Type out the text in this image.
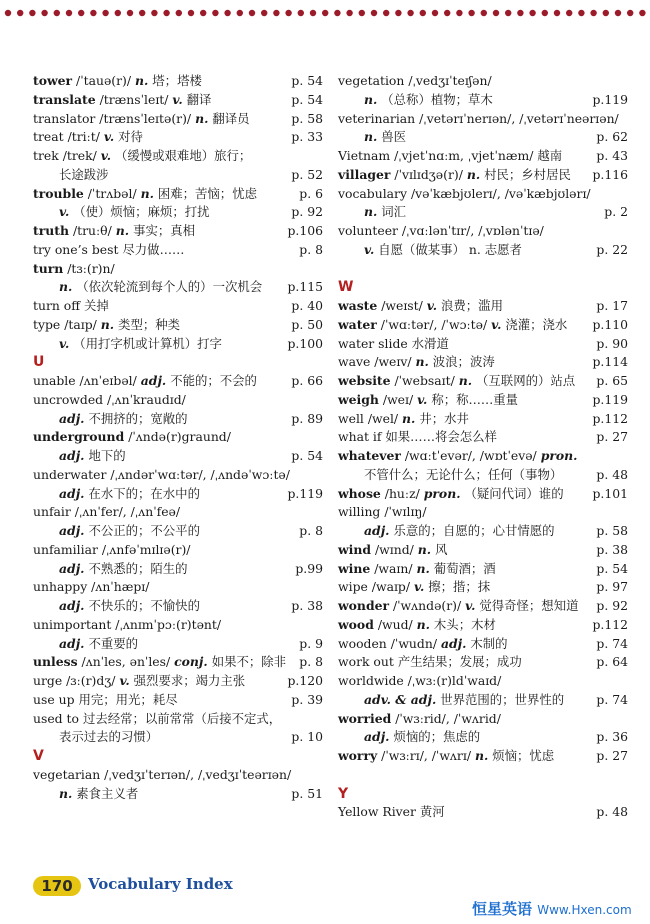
tower /ˈtauə(r)/ n. 塔；塔楼	p. 54
translate /trænsˈleɪt/ v. 翻译	p. 54
translator /trænsˈleɪtə(r)/ n. 翻译员	p. 58
treat /triːt/ v. 对待	p. 33
trek /trek/ v. （缓慢或艰难地）旅行；
长途跋涉	p. 52
trouble /ˈtrʌbəl/ n. 困难；苦恼；忧虑	p. 6
v. （使）烦恼；麻烦；打扰	p. 92
truth /truːθ/ n. 事实；真相	p.106
try one’s best 尽力做……	p. 8
turn /tɜː(r)n/
n. （依次轮流到每个人的）一次机会 p.115
turn off 关掉	p. 40
type /taɪp/ n. 类型；种类	p. 50
v. （用打字机或计算机）打字	p.100
U
unable /ʌnˈeɪbəl/ adj. 不能的；不会的	p. 66
uncrowded /ˌʌnˈkraudɪd/
adj. 不拥挤的；宽敞的	p. 89
underground /ˈʌndə(r)graund/
adj. 地下的	p. 54
underwater /ˌʌndərˈwɑːtər/, /ˌʌndəˈwɔːtə/
adj. 在水下的；在水中的	p.119
unfair /ˌʌnˈfer/, /ˌʌnˈfeə/
adj. 不公正的；不公平的	p. 8
unfamiliar /ˌʌnfəˈmɪlɪə(r)/
adj. 不熟悉的；陌生的	p.99
unhappy /ʌnˈhæpɪ/
adj. 不快乐的；不愉快的	p. 38
unimportant /ˌʌnɪmˈpɔː(r)tənt/
adj. 不重要的	p. 9
unless /ʌnˈles, ənˈles/ conj. 如果不；除非 p. 8
urge /ɜː(r)dʒ/ v. 强烈要求；竭力主张	p.120
use up 用完；用光；耗尽	p. 39
used to 过去经常；以前常常（后接不定式，
表示过去的习惯）	p. 10
V
vegetarian /ˌvedʒɪˈterɪən/, /ˌvedʒɪˈteərɪən/
n. 素食主义者	p. 51
vegetation /ˌvedʒɪˈteɪʃən/
n. （总称）植物；草木	p.119
veterinarian /ˌvetərɪˈnerɪən/, /ˌvetərɪˈneərɪən/
n. 兽医	p. 62
Vietnam /ˌvjetˈnɑːm, ˌvjetˈnæm/ 越南	p. 43
villager /ˈvɪlɪdʒə(r)/ n. 村民；乡村居民 p.116
vocabulary /vəˈkæbjʊlerɪ/, /vəˈkæbjʊlərɪ/
n. 词汇	p. 2
volunteer /ˌvɑːlənˈtɪr/, /ˌvɒlənˈtɪə/
v. 自愿（做某事） n. 志愿者	p. 22
W
waste /weɪst/ v. 浪费；滥用	p. 17
water /ˈwɑːtər/, /ˈwɔːtə/ v. 浇灌；浇水 p.110
water slide 水滑道	p. 90
wave /weɪv/ n. 波浪；波涛	p.114
website /ˈwebsaɪt/ n. （互联网的）站点 p. 65
weigh /weɪ/ v. 称；称……重量	p.119
well /wel/ n. 井；水井	p.112
what if 如果……将会怎么样	p. 27
whatever /wɑːtˈevər/, /wɒtˈevə/ pron.
不管什么；无论什么；任何（事物）	p. 48
whose /huːz/ pron. （疑问代词）谁的 p.101
willing /ˈwɪlɪŋ/
adj. 乐意的；自愿的；心甘情愿的	p. 58
wind /wɪnd/ n. 风	p. 38
wine /waɪn/ n. 葡萄酒；酒	p. 54
wipe /waɪp/ v. 擦；揩；抹	p. 97
wonder /ˈwʌndə(r)/ v. 觉得奇怪；想知道 p. 92
wood /wud/ n. 木头；木材	p.112
wooden /ˈwudn/ adj. 木制的	p. 74
work out 产生结果；发展；成功	p. 64
worldwide /ˌwɜː(r)ldˈwaɪd/
adv. & adj. 世界范围的；世界性的	p. 74
worried /ˈwɜːrid/, /ˈwʌrid/
adj. 烦恼的；焦虑的	p. 36
worry /ˈwɜːrɪ/, /ˈwʌrɪ/ n. 烦恼；忧虑	p. 27
Y
Yellow River 黄河	p. 48
170	Vocabulary Index
恒星英语 Www.Hxen.com
